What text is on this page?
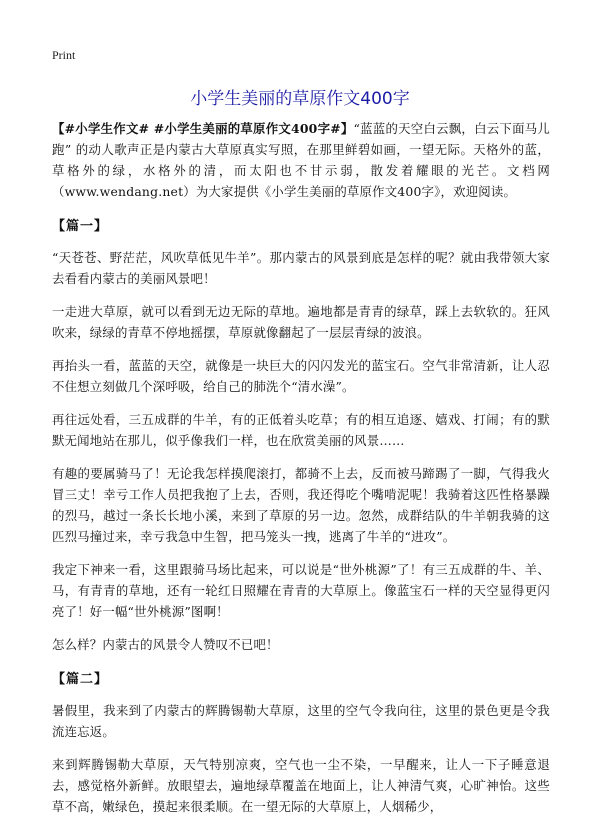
Print
小学生美丽的草原作文400字

【#小学生作文# #小学生美丽的草原作文400字#】“蓝蓝的天空白云飘，白云下面马儿跑” 的动人歌声正是内蒙古大草原真实写照，在那里鲜碧如画，一望无际。天格外的蓝，草格外的绿，水格外的清，而太阳也不甘示弱，散发着耀眼的光芒。文档网（www.wendang.net）为大家提供《小学生美丽的草原作文400字》，欢迎阅读。

【篇一】

“天苍苍、野茫茫，风吹草低见牛羊”。那内蒙古的风景到底是怎样的呢？就由我带领大家去看看内蒙古的美丽风景吧！

一走进大草原，就可以看到无边无际的草地。遍地都是青青的绿草，踩上去软软的。狂风吹来，绿绿的青草不停地摇摆，草原就像翻起了一层层青绿的波浪。

再抬头一看，蓝蓝的天空，就像是一块巨大的闪闪发光的蓝宝石。空气非常清新，让人忍不住想立刻做几个深呼吸，给自己的肺洗个“清水澡”。

再往远处看，三五成群的牛羊，有的正低着头吃草；有的相互追逐、嬉戏、打闹；有的默默无闻地站在那儿，似乎像我们一样，也在欣赏美丽的风景……

有趣的要属骑马了！无论我怎样摸爬滚打，都骑不上去，反而被马蹄踢了一脚，气得我火冒三丈！幸亏工作人员把我抱了上去，否则，我还得吃个嘴啃泥呢！我骑着这匹性格暴躁的烈马，越过一条长长地小溪，来到了草原的另一边。忽然，成群结队的牛羊朝我骑的这匹烈马撞过来，幸亏我急中生智，把马笼头一拽，逃离了牛羊的“进攻”。

我定下神来一看，这里跟骑马场比起来，可以说是“世外桃源”了！有三五成群的牛、羊、马，有青青的草地，还有一轮红日照耀在青青的大草原上。像蓝宝石一样的天空显得更闪亮了！好一幅“世外桃源”图啊！

怎么样？内蒙古的风景令人赞叹不已吧！

【篇二】

暑假里，我来到了内蒙古的辉腾锡勒大草原，这里的空气令我向往，这里的景色更是令我流连忘返。

来到辉腾锡勒大草原，天气特别凉爽，空气也一尘不染，一早醒来，让人一下子睡意退去，感觉格外新鲜。放眼望去，遍地绿草覆盖在地面上，让人神清气爽，心旷神怡。这些草不高，嫩绿色，摸起来很柔顺。在一望无际的大草原上，人烟稀少，
